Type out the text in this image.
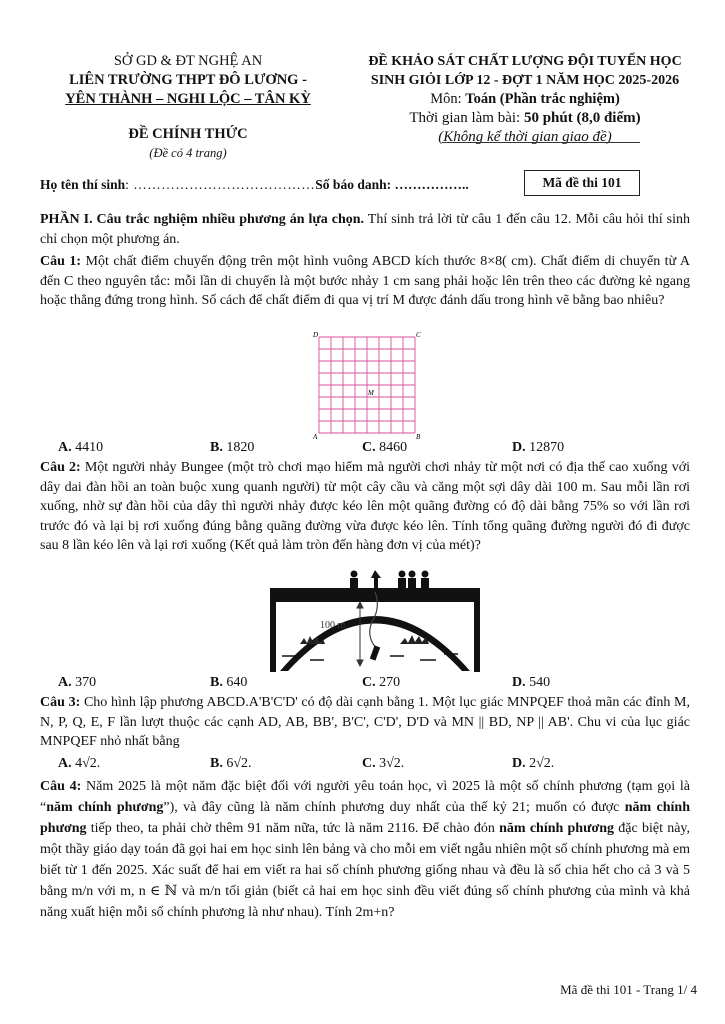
SỞ GD & ĐT NGHỆ AN
LIÊN TRƯỜNG THPT ĐÔ LƯƠNG -
YÊN THÀNH – NGHI LỘC – TÂN KỲ
ĐỀ CHÍNH THỨC
(Đề có 4 trang)
ĐỀ KHẢO SÁT CHẤT LƯỢNG ĐỘI TUYỂN HỌC
SINH GIỎI LỚP 12 - ĐỢT 1 NĂM HỌC 2025-2026
Môn: Toán (Phần trắc nghiệm)
Thời gian làm bài: 50 phút (8,0 điểm)
(Không kể thời gian giao đề)
Họ tên thí sinh: …………………………………Số báo danh: ……………..	Mã đề thi 101
PHẦN I. Câu trắc nghiệm nhiều phương án lựa chọn. Thí sinh trả lời từ câu 1 đến câu 12. Mỗi câu hỏi thí sinh chỉ chọn một phương án.
Câu 1: Một chất điểm chuyển động trên một hình vuông ABCD kích thước 8×8( cm). Chất điểm di chuyển từ A đến C theo nguyên tắc: mỗi lần di chuyển là một bước nhảy 1 cm sang phải hoặc lên trên theo các đường kẻ ngang hoặc thẳng đứng trong hình. Số cách để chất điểm đi qua vị trí M được đánh dấu trong hình vẽ bằng bao nhiêu?
D	C
A	B
M
A. 4410	B. 1820	C. 8460	D. 12870
Câu 2: Một người nhảy Bungee (một trò chơi mạo hiểm mà người chơi nhảy từ một nơi có địa thế cao xuống với dây dai đàn hồi an toàn buộc xung quanh người) từ một cây cầu và căng một sợi dây dài 100 m. Sau mỗi lần rơi xuống, nhờ sự đàn hồi của dây thì người nhảy được kéo lên một quãng đường có độ dài bằng 75% so với lần rơi trước đó và lại bị rơi xuống đúng bằng quãng đường vừa được kéo lên. Tính tổng quãng đường người đó đi được sau 8 lần kéo lên và lại rơi xuống (Kết quả làm tròn đến hàng đơn vị của mét)?
100 m
A. 370	B. 640	C. 270	D. 540
Câu 3: Cho hình lập phương ABCD.A'B'C'D' có độ dài cạnh bằng 1. Một lục giác MNPQEF thoả mãn các đỉnh M, N, P, Q, E, F lần lượt thuộc các cạnh AD, AB, BB', B'C', C'D', D'D và MN || BD, NP || AB'. Chu vi của lục giác MNPQEF nhỏ nhất bằng
A. 4√2.	B. 6√2.	C. 3√2.	D. 2√2.
Câu 4: Năm 2025 là một năm đặc biệt đối với người yêu toán học, vì 2025 là một số chính phương (tạm gọi là “năm chính phương”), và đây cũng là năm chính phương duy nhất của thế kỷ 21; muốn có được năm chính phương tiếp theo, ta phải chờ thêm 91 năm nữa, tức là năm 2116. Để chào đón năm chính phương đặc biệt này, một thầy giáo dạy toán đã gọi hai em học sinh lên bảng và cho mỗi em viết ngẫu nhiên một số chính phương mà em biết từ 1 đến 2025. Xác suất để hai em viết ra hai số chính phương giống nhau và đều là số chia hết cho cả 3 và 5 bằng m/n với m, n ∈ ℕ và m/n tối giản (biết cả hai em học sinh đều viết đúng số chính phương của mình và khả năng xuất hiện mỗi số chính phương là như nhau). Tính 2m+n?
Mã đề thi 101 - Trang 1/ 4
